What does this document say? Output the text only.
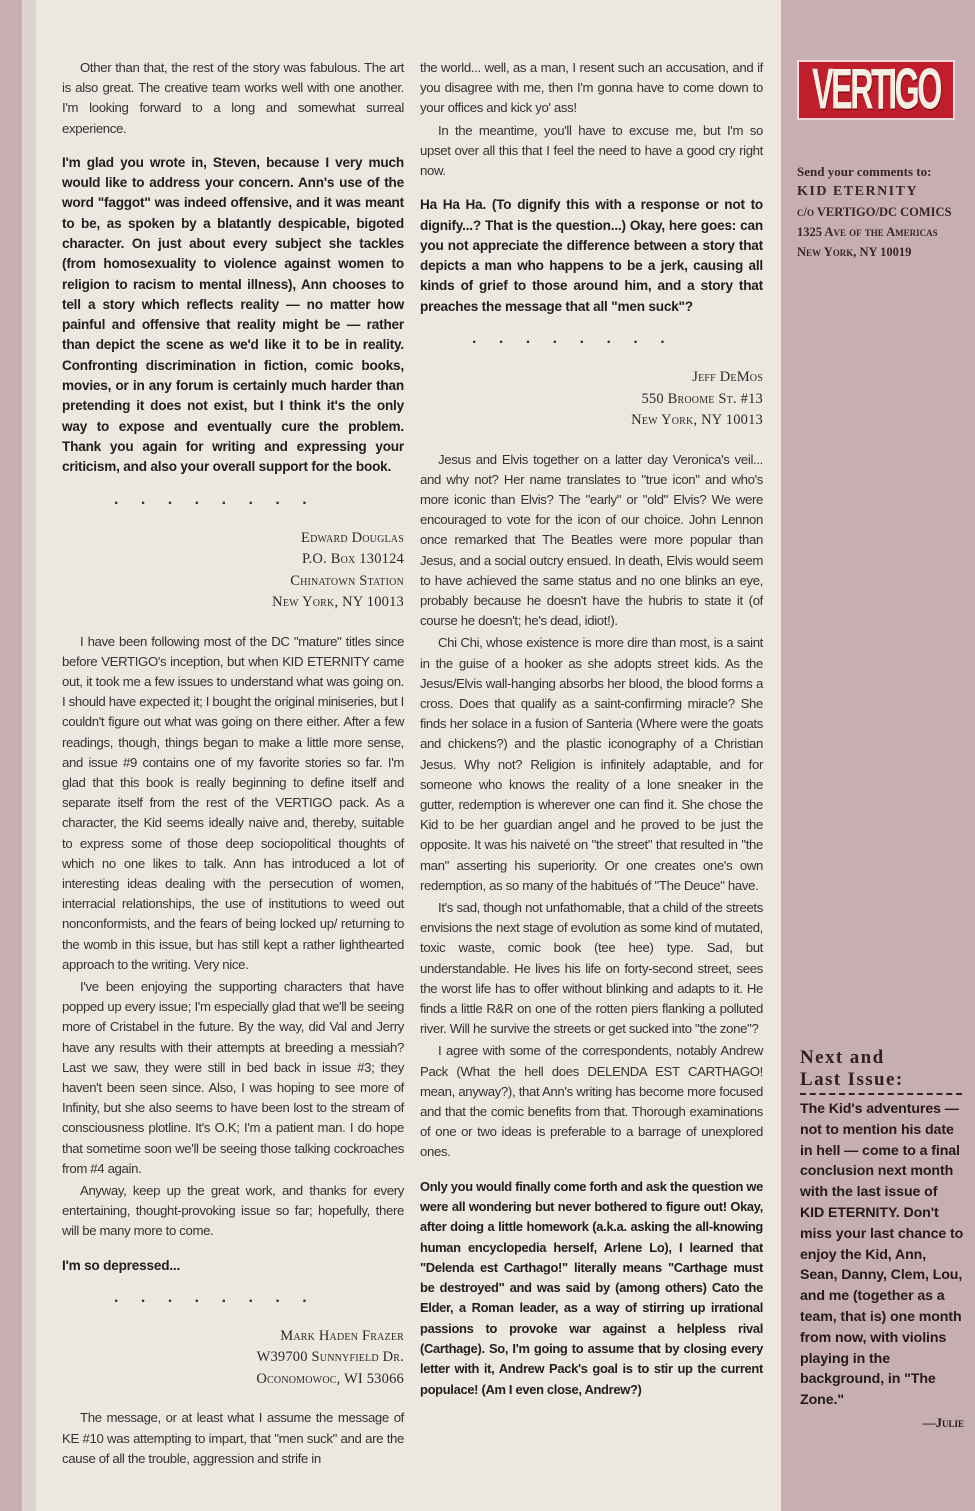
Other than that, the rest of the story was fabulous. The art is also great. The creative team works well with one another. I'm looking forward to a long and somewhat surreal experience.

I'm glad you wrote in, Steven, because I very much would like to address your concern. Ann's use of the word "faggot" was indeed offensive, and it was meant to be, as spoken by a blatantly despicable, bigoted character. On just about every subject she tackles (from homosexuality to violence against women to religion to racism to mental illness), Ann chooses to tell a story which reflects reality — no matter how painful and offensive that reality might be — rather than depict the scene as we'd like it to be in reality. Confronting discrimination in fiction, comic books, movies, or in any forum is certainly much harder than pretending it does not exist, but I think it's the only way to expose and eventually cure the problem. Thank you again for writing and expressing your criticism, and also your overall support for the book.

. . . . . . . .
Edward Douglas
P.O. Box 130124
Chinatown Station
New York, NY 10013

I have been following most of the DC "mature" titles since before VERTIGO's inception, but when KID ETERNITY came out, it took me a few issues to understand what was going on. I should have expected it; I bought the original miniseries, but I couldn't figure out what was going on there either. After a few readings, though, things began to make a little more sense, and issue #9 contains one of my favorite stories so far. I'm glad that this book is really beginning to define itself and separate itself from the rest of the VERTIGO pack. As a character, the Kid seems ideally naive and, thereby, suitable to express some of those deep sociopolitical thoughts of which no one likes to talk. Ann has introduced a lot of interesting ideas dealing with the persecution of women, interracial relationships, the use of institutions to weed out nonconformists, and the fears of being locked up/ returning to the womb in this issue, but has still kept a rather lighthearted approach to the writing. Very nice.

I've been enjoying the supporting characters that have popped up every issue; I'm especially glad that we'll be seeing more of Cristabel in the future. By the way, did Val and Jerry have any results with their attempts at breeding a messiah? Last we saw, they were still in bed back in issue #3; they haven't been seen since. Also, I was hoping to see more of Infinity, but she also seems to have been lost to the stream of consciousness plotline. It's O.K; I'm a patient man. I do hope that sometime soon we'll be seeing those talking cockroaches from #4 again.

Anyway, keep up the great work, and thanks for every entertaining, thought-provoking issue so far; hopefully, there will be many more to come.

I'm so depressed...

. . . . . . . .
Mark Haden Frazer
W39700 Sunnyfield Dr.
Oconomowoc, WI 53066

The message, or at least what I assume the message of KE #10 was attempting to impart, that "men suck" and are the cause of all the trouble, aggression and strife in

the world... well, as a man, I resent such an accusation, and if you disagree with me, then I'm gonna have to come down to your offices and kick yo' ass!

In the meantime, you'll have to excuse me, but I'm so upset over all this that I feel the need to have a good cry right now.

Ha Ha Ha. (To dignify this with a response or not to dignify...? That is the question...) Okay, here goes: can you not appreciate the difference between a story that depicts a man who happens to be a jerk, causing all kinds of grief to those around him, and a story that preaches the message that all "men suck"?

. . . . . . . .
Jeff DeMos
550 Broome St. #13
New York, NY 10013

Jesus and Elvis together on a latter day Veronica's veil... and why not? Her name translates to "true icon" and who's more iconic than Elvis? The "early" or "old" Elvis? We were encouraged to vote for the icon of our choice. John Lennon once remarked that The Beatles were more popular than Jesus, and a social outcry ensued. In death, Elvis would seem to have achieved the same status and no one blinks an eye, probably because he doesn't have the hubris to state it (of course he doesn't; he's dead, idiot!).

Chi Chi, whose existence is more dire than most, is a saint in the guise of a hooker as she adopts street kids. As the Jesus/Elvis wall-hanging absorbs her blood, the blood forms a cross. Does that qualify as a saint-confirming miracle? She finds her solace in a fusion of Santeria (Where were the goats and chickens?) and the plastic iconography of a Christian Jesus. Why not? Religion is infinitely adaptable, and for someone who knows the reality of a lone sneaker in the gutter, redemption is wherever one can find it. She chose the Kid to be her guardian angel and he proved to be just the opposite. It was his naiveté on "the street" that resulted in "the man" asserting his superiority. Or one creates one's own redemption, as so many of the habitués of "The Deuce" have.

It's sad, though not unfathomable, that a child of the streets envisions the next stage of evolution as some kind of mutated, toxic waste, comic book (tee hee) type. Sad, but understandable. He lives his life on forty-second street, sees the worst life has to offer without blinking and adapts to it. He finds a little R&R on one of the rotten piers flanking a polluted river. Will he survive the streets or get sucked into "the zone"?

I agree with some of the correspondents, notably Andrew Pack (What the hell does DELENDA EST CARTHAGO! mean, anyway?), that Ann's writing has become more focused and that the comic benefits from that. Thorough examinations of one or two ideas is preferable to a barrage of unexplored ones.

Only you would finally come forth and ask the question we were all wondering but never bothered to figure out! Okay, after doing a little homework (a.k.a. asking the all-knowing human encyclopedia herself, Arlene Lo), I learned that "Delenda est Carthago!" literally means "Carthage must be destroyed" and was said by (among others) Cato the Elder, a Roman leader, as a way of stirring up irrational passions to provoke war against a helpless rival (Carthage). So, I'm going to assume that by closing every letter with it, Andrew Pack's goal is to stir up the current populace! (Am I even close, Andrew?)

VERTIGO
Send your comments to:
KID ETERNITY
c/o VERTIGO/DC COMICS
1325 Ave of the Americas
New York, NY 10019
Next and
Last Issue:
The Kid's adventures — not to mention his date in hell — come to a final conclusion next month with the last issue of KID ETERNITY. Don't miss your last chance to enjoy the Kid, Ann, Sean, Danny, Clem, Lou, and me (together as a team, that is) one month from now, with violins playing in the background, in "The Zone."
—Julie
